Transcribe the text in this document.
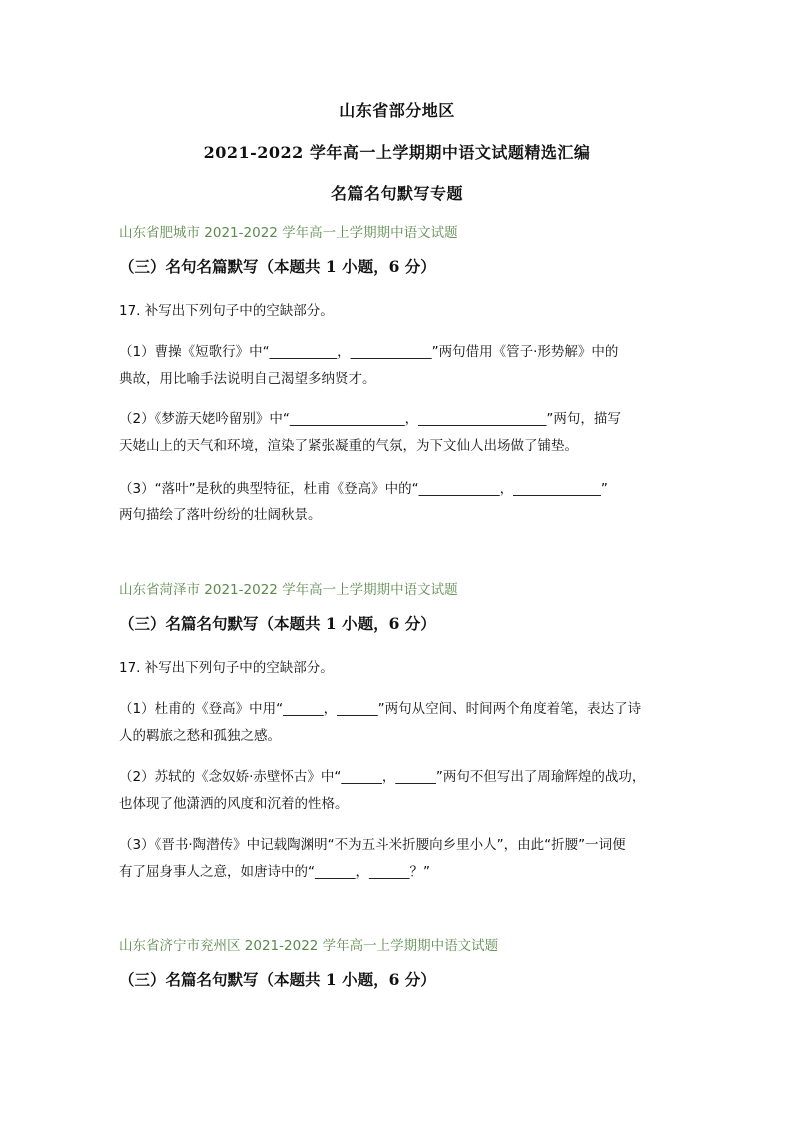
山东省部分地区
2021-2022 学年高一上学期期中语文试题精选汇编
名篇名句默写专题
山东省肥城市 2021-2022 学年高一上学期期中语文试题
（三）名句名篇默写（本题共 1 小题，6 分）
17. 补写出下列句子中的空缺部分。
（1）曹操《短歌行》中“__________，____________”两句借用《管子·形势解》中的
典故，用比喻手法说明自己渴望多纳贤才。
（2）《梦游天姥吟留别》中“_________________，___________________”两句，描写
天姥山上的天气和环境，渲染了紧张凝重的气氛，为下文仙人出场做了铺垫。
（3）“落叶”是秋的典型特征，杜甫《登高》中的“____________，_____________”
两句描绘了落叶纷纷的壮阔秋景。
山东省菏泽市 2021-2022 学年高一上学期期中语文试题
（三）名篇名句默写（本题共 1 小题，6 分）
17. 补写出下列句子中的空缺部分。
（1）杜甫的《登高》中用“______，______”两句从空间、时间两个角度着笔，表达了诗
人的羁旅之愁和孤独之感。
（2）苏轼的《念奴娇·赤壁怀古》中“______，______”两句不但写出了周瑜辉煌的战功，
也体现了他潇洒的风度和沉着的性格。
（3）《晋书·陶潜传》中记载陶渊明“不为五斗米折腰向乡里小人”，由此“折腰”一词便
有了屈身事人之意，如唐诗中的“______，______？”
山东省济宁市兖州区 2021-2022 学年高一上学期期中语文试题
（三）名篇名句默写（本题共 1 小题，6 分）
